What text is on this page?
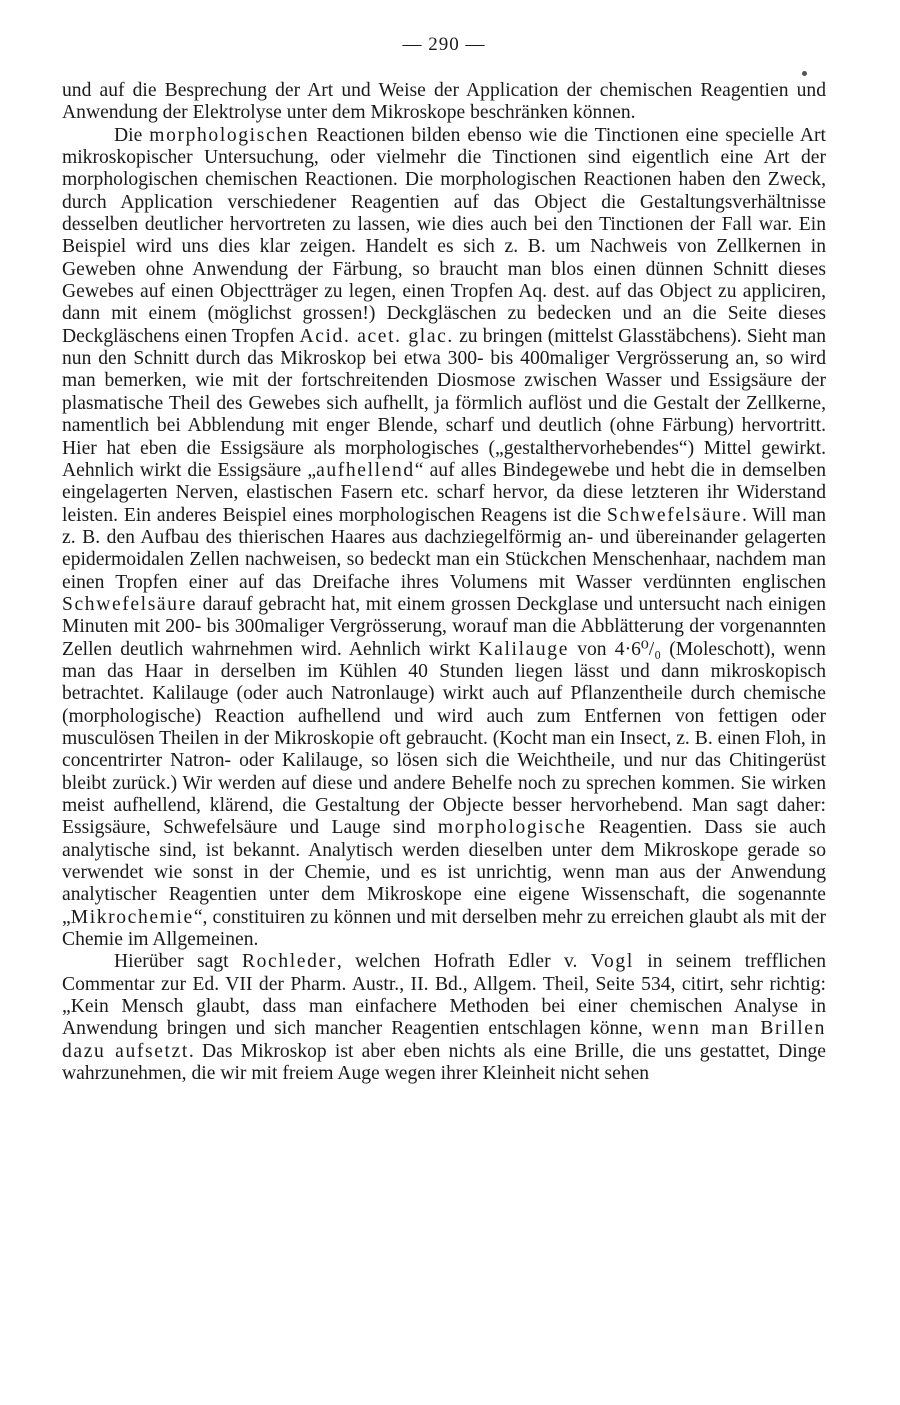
— 290 —

und auf die Besprechung der Art und Weise der Application der chemischen Reagentien und Anwendung der Elektrolyse unter dem Mikroskope beschränken können.

Die morphologischen Reactionen bilden ebenso wie die Tinctionen eine specielle Art mikroskopischer Untersuchung, oder vielmehr die Tinctionen sind eigentlich eine Art der morphologischen chemischen Reactionen. Die morphologischen Reactionen haben den Zweck, durch Application verschiedener Reagentien auf das Object die Gestaltungsverhältnisse desselben deutlicher hervortreten zu lassen, wie dies auch bei den Tinctionen der Fall war. Ein Beispiel wird uns dies klar zeigen. Handelt es sich z. B. um Nachweis von Zellkernen in Geweben ohne Anwendung der Färbung, so braucht man blos einen dünnen Schnitt dieses Gewebes auf einen Objectträger zu legen, einen Tropfen Aq. dest. auf das Object zu appliciren, dann mit einem (möglichst grossen!) Deckgläschen zu bedecken und an die Seite dieses Deckgläschens einen Tropfen Acid. acet. glac. zu bringen (mittelst Glasstäbchens). Sieht man nun den Schnitt durch das Mikroskop bei etwa 300- bis 400maliger Vergrösserung an, so wird man bemerken, wie mit der fortschreitenden Diosmose zwischen Wasser und Essigsäure der plasmatische Theil des Gewebes sich aufhellt, ja förmlich auflöst und die Gestalt der Zellkerne, namentlich bei Abblendung mit enger Blende, scharf und deutlich (ohne Färbung) hervortritt. Hier hat eben die Essigsäure als morphologisches („gestalthervorhebendes“) Mittel gewirkt. Aehnlich wirkt die Essigsäure „aufhellend“ auf alles Bindegewebe und hebt die in demselben eingelagerten Nerven, elastischen Fasern etc. scharf hervor, da diese letzteren ihr Widerstand leisten. Ein anderes Beispiel eines morphologischen Reagens ist die Schwefelsäure. Will man z. B. den Aufbau des thierischen Haares aus dachziegelförmig an- und übereinander gelagerten epidermoidalen Zellen nachweisen, so bedeckt man ein Stückchen Menschenhaar, nachdem man einen Tropfen einer auf das Dreifache ihres Volumens mit Wasser verdünnten englischen Schwefelsäure darauf gebracht hat, mit einem grossen Deckglase und untersucht nach einigen Minuten mit 200- bis 300maliger Vergrösserung, worauf man die Abblätterung der vorgenannten Zellen deutlich wahrnehmen wird. Aehnlich wirkt Kalilauge von 4·6⁰/₀ (Moleschott), wenn man das Haar in derselben im Kühlen 40 Stunden liegen lässt und dann mikroskopisch betrachtet. Kalilauge (oder auch Natronlauge) wirkt auch auf Pflanzentheile durch chemische (morphologische) Reaction aufhellend und wird auch zum Entfernen von fettigen oder musculösen Theilen in der Mikroskopie oft gebraucht. (Kocht man ein Insect, z. B. einen Floh, in concentrirter Natron- oder Kalilauge, so lösen sich die Weichtheile, und nur das Chitingerüst bleibt zurück.) Wir werden auf diese und andere Behelfe noch zu sprechen kommen. Sie wirken meist aufhellend, klärend, die Gestaltung der Objecte besser hervorhebend. Man sagt daher: Essigsäure, Schwefelsäure und Lauge sind morphologische Reagentien. Dass sie auch analytische sind, ist bekannt. Analytisch werden dieselben unter dem Mikroskope gerade so verwendet wie sonst in der Chemie, und es ist unrichtig, wenn man aus der Anwendung analytischer Reagentien unter dem Mikroskope eine eigene Wissenschaft, die sogenannte „Mikrochemie“, constituiren zu können und mit derselben mehr zu erreichen glaubt als mit der Chemie im Allgemeinen.

Hierüber sagt Rochleder, welchen Hofrath Edler v. Vogl in seinem trefflichen Commentar zur Ed. VII der Pharm. Austr., II. Bd., Allgem. Theil, Seite 534, citirt, sehr richtig: „Kein Mensch glaubt, dass man einfachere Methoden bei einer chemischen Analyse in Anwendung bringen und sich mancher Reagentien entschlagen könne, wenn man Brillen dazu aufsetzt. Das Mikroskop ist aber eben nichts als eine Brille, die uns gestattet, Dinge wahrzunehmen, die wir mit freiem Auge wegen ihrer Kleinheit nicht sehen
